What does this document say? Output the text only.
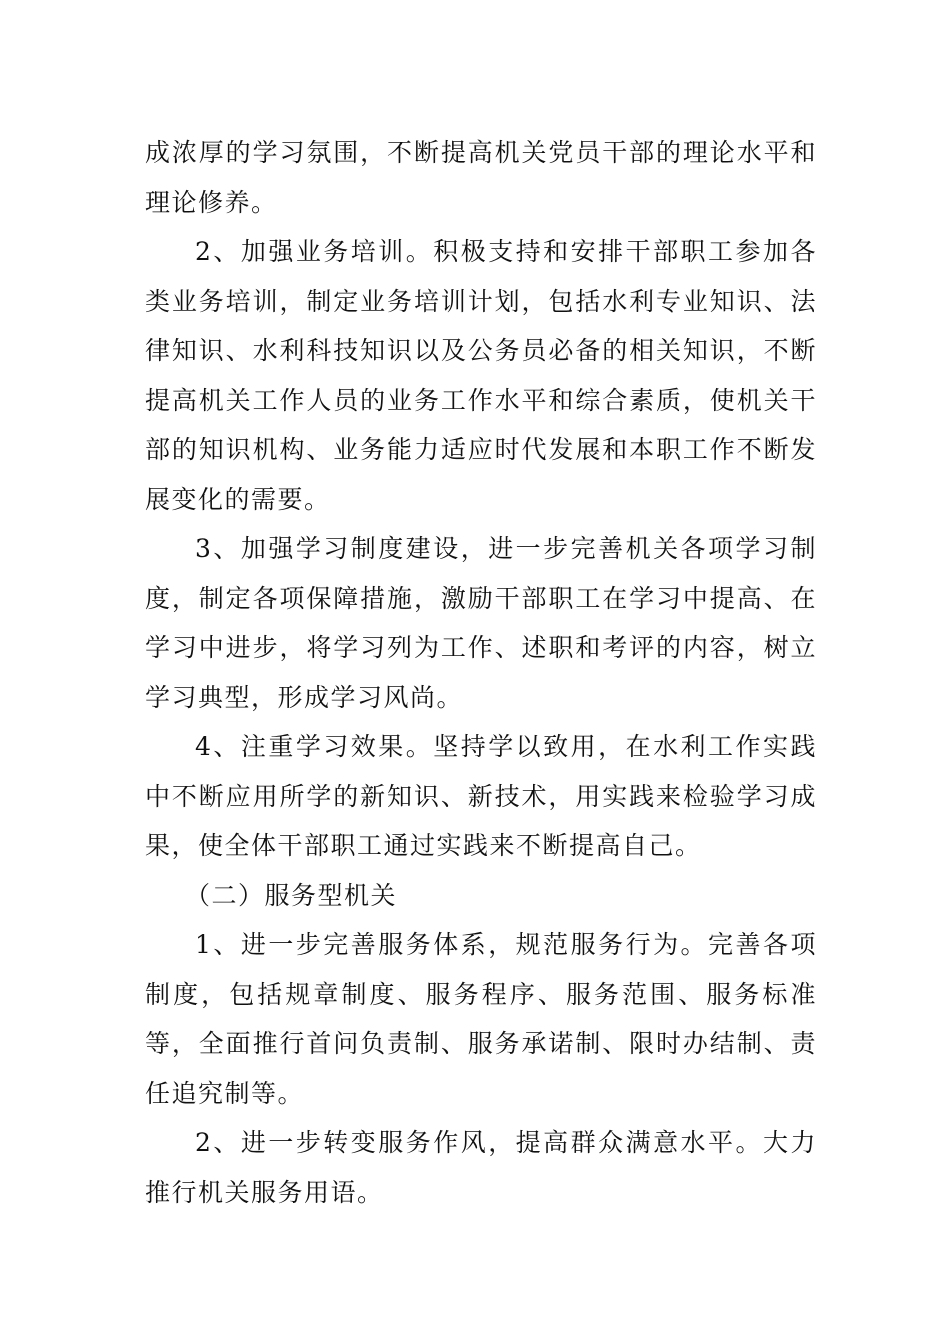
成浓厚的学习氛围，不断提高机关党员干部的理论水平和理论修养。

2、加强业务培训。积极支持和安排干部职工参加各类业务培训，制定业务培训计划，包括水利专业知识、法律知识、水利科技知识以及公务员必备的相关知识，不断提高机关工作人员的业务工作水平和综合素质，使机关干部的知识机构、业务能力适应时代发展和本职工作不断发展变化的需要。

3、加强学习制度建设，进一步完善机关各项学习制度，制定各项保障措施，激励干部职工在学习中提高、在学习中进步，将学习列为工作、述职和考评的内容，树立学习典型，形成学习风尚。

4、注重学习效果。坚持学以致用，在水利工作实践中不断应用所学的新知识、新技术，用实践来检验学习成果，使全体干部职工通过实践来不断提高自己。

（二）服务型机关

1、进一步完善服务体系，规范服务行为。完善各项制度，包括规章制度、服务程序、服务范围、服务标准等，全面推行首问负责制、服务承诺制、限时办结制、责任追究制等。

2、进一步转变服务作风，提高群众满意水平。大力推行机关服务用语。
